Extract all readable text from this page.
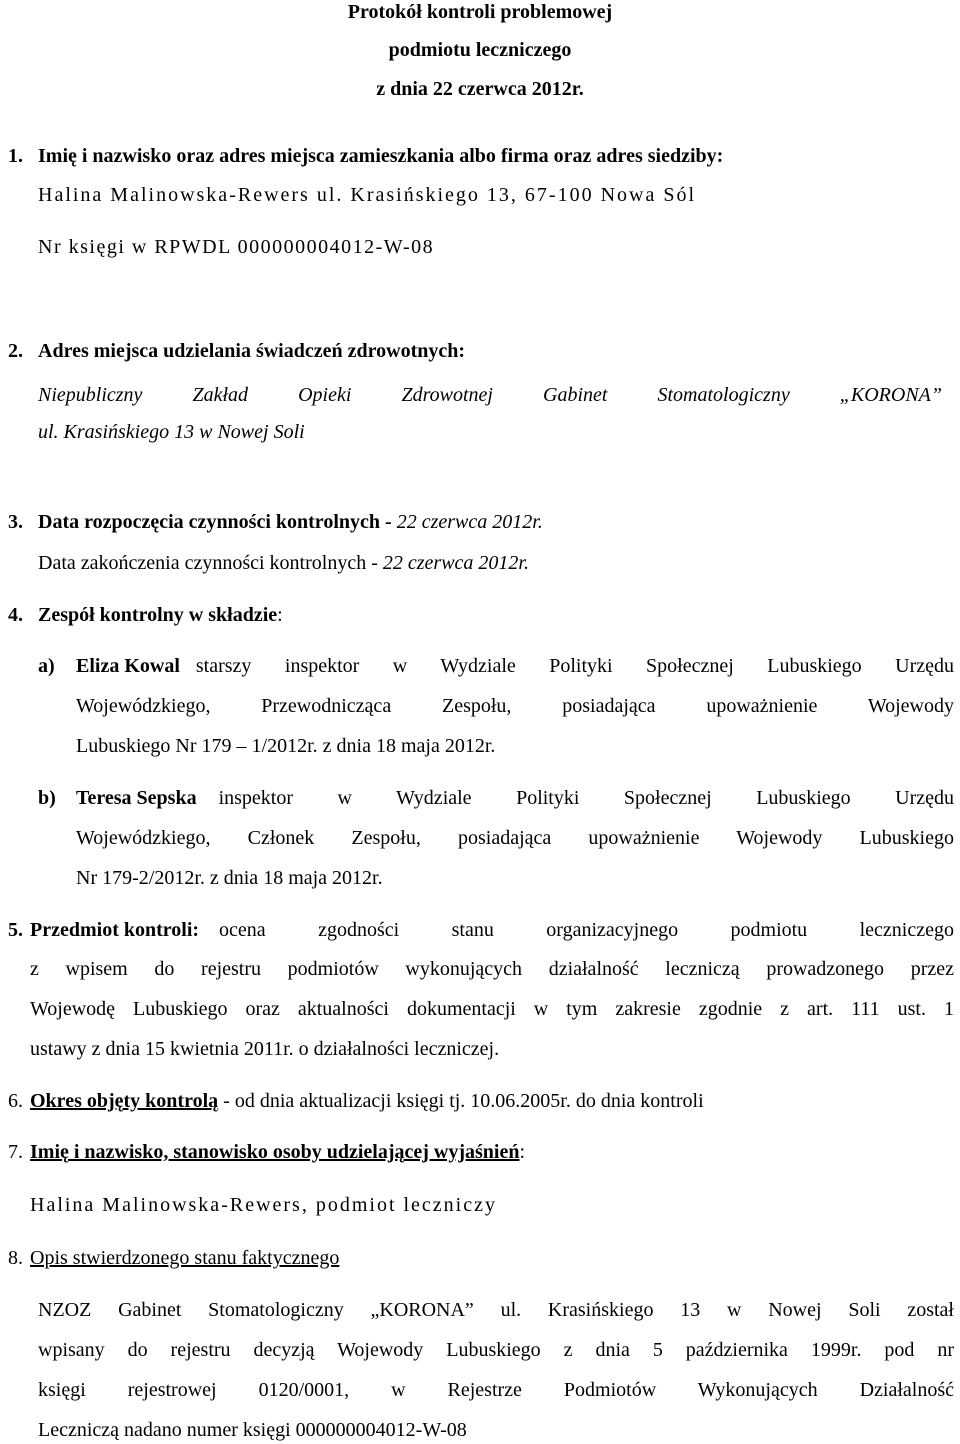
Protokół kontroli problemowej
podmiotu leczniczego
z dnia 22 czerwca 2012r.
1. Imię i nazwisko oraz adres miejsca zamieszkania albo firma oraz adres siedziby:
Halina Malinowska-Rewers ul. Krasińskiego 13, 67-100 Nowa Sól
Nr księgi w RPWDL 000000004012-W-08
2. Adres miejsca udzielania świadczeń zdrowotnych:
Niepubliczny Zakład Opieki Zdrowotnej Gabinet Stomatologiczny „KORONA”
ul. Krasińskiego 13 w Nowej Soli
3. Data rozpoczęcia czynności kontrolnych - 22 czerwca 2012r.
Data zakończenia czynności kontrolnych - 22 czerwca 2012r.
4. Zespół kontrolny w składzie:
a)	Eliza Kowal starszy inspektor w Wydziale Polityki Społecznej Lubuskiego Urzędu
Wojewódzkiego, Przewodnicząca Zespołu, posiadająca upoważnienie Wojewody
Lubuskiego Nr 179 – 1/2012r. z dnia 18 maja 2012r.
b)	Teresa Sepska inspektor w Wydziale Polityki Społecznej Lubuskiego Urzędu
Wojewódzkiego, Członek Zespołu, posiadająca upoważnienie Wojewody Lubuskiego
Nr 179-2/2012r. z dnia 18 maja 2012r.
5. Przedmiot kontroli: ocena zgodności stanu organizacyjnego podmiotu leczniczego
z wpisem do rejestru podmiotów wykonujących działalność leczniczą prowadzonego przez
Wojewodę Lubuskiego oraz aktualności dokumentacji w tym zakresie zgodnie z art. 111 ust. 1
ustawy z dnia 15 kwietnia 2011r. o działalności leczniczej.
6. Okres objęty kontrolą - od dnia aktualizacji księgi tj. 10.06.2005r. do dnia kontroli
7. Imię i nazwisko, stanowisko osoby udzielającej wyjaśnień:
Halina Malinowska-Rewers, podmiot leczniczy
8. Opis stwierdzonego stanu faktycznego
NZOZ Gabinet Stomatologiczny „KORONA” ul. Krasińskiego 13 w Nowej Soli został
wpisany do rejestru decyzją Wojewody Lubuskiego z dnia 5 października 1999r. pod nr
księgi rejestrowej 0120/0001, w Rejestrze Podmiotów Wykonujących Działalność
Leczniczą nadano numer księgi 000000004012-W-08
